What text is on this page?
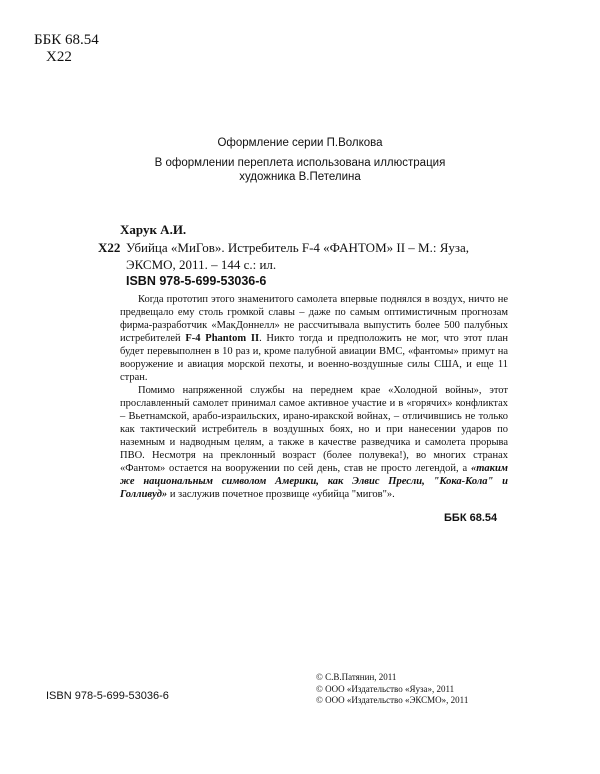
ББК 68.54
Х22
Оформление серии П.Волкова
В оформлении переплета использована иллюстрация
художника В.Петелина
Харук А.И.
Х22 Убийца «МиГов». Истребитель F-4 «ФАНТОМ» II – М.: Яуза,
ЭКСМО, 2011. – 144 с.: ил.
ISBN 978-5-699-53036-6

Когда прототип этого знаменитого самолета впервые поднялся в воздух, ничто не предвещало ему столь громкой славы – даже по самым оптимистичным прогнозам фирма-разработчик «МакДоннелл» не рассчитывала выпустить более 500 палубных истребителей F-4 Phantom II. Никто тогда и предположить не мог, что этот план будет перевыполнен в 10 раз и, кроме палубной авиации ВМС, «фантомы» примут на вооружение и авиация морской пехоты, и военно-воздушные силы США, и еще 11 стран.

Помимо напряженной службы на переднем крае «Холодной войны», этот прославленный самолет принимал самое активное участие и в «горячих» конфликтах – Вьетнамской, арабо-израильских, ирано-иракской войнах, – отличившись не только как тактический истребитель в воздушных боях, но и при нанесении ударов по наземным и надводным целям, а также в качестве разведчика и самолета прорыва ПВО. Несмотря на преклонный возраст (более полувека!), во многих странах «Фантом» остается на вооружении по сей день, став не просто легендой, а «таким же национальным символом Америки, как Элвис Пресли, "Кока-Кола" и Голливуд» и заслужив почетное прозвище «убийца "мигов"».

ББК 68.54
ISBN 978-5-699-53036-6
© С.В.Патянин, 2011
© ООО «Издательство «Яуза», 2011
© ООО «Издательство «ЭКСМО», 2011
